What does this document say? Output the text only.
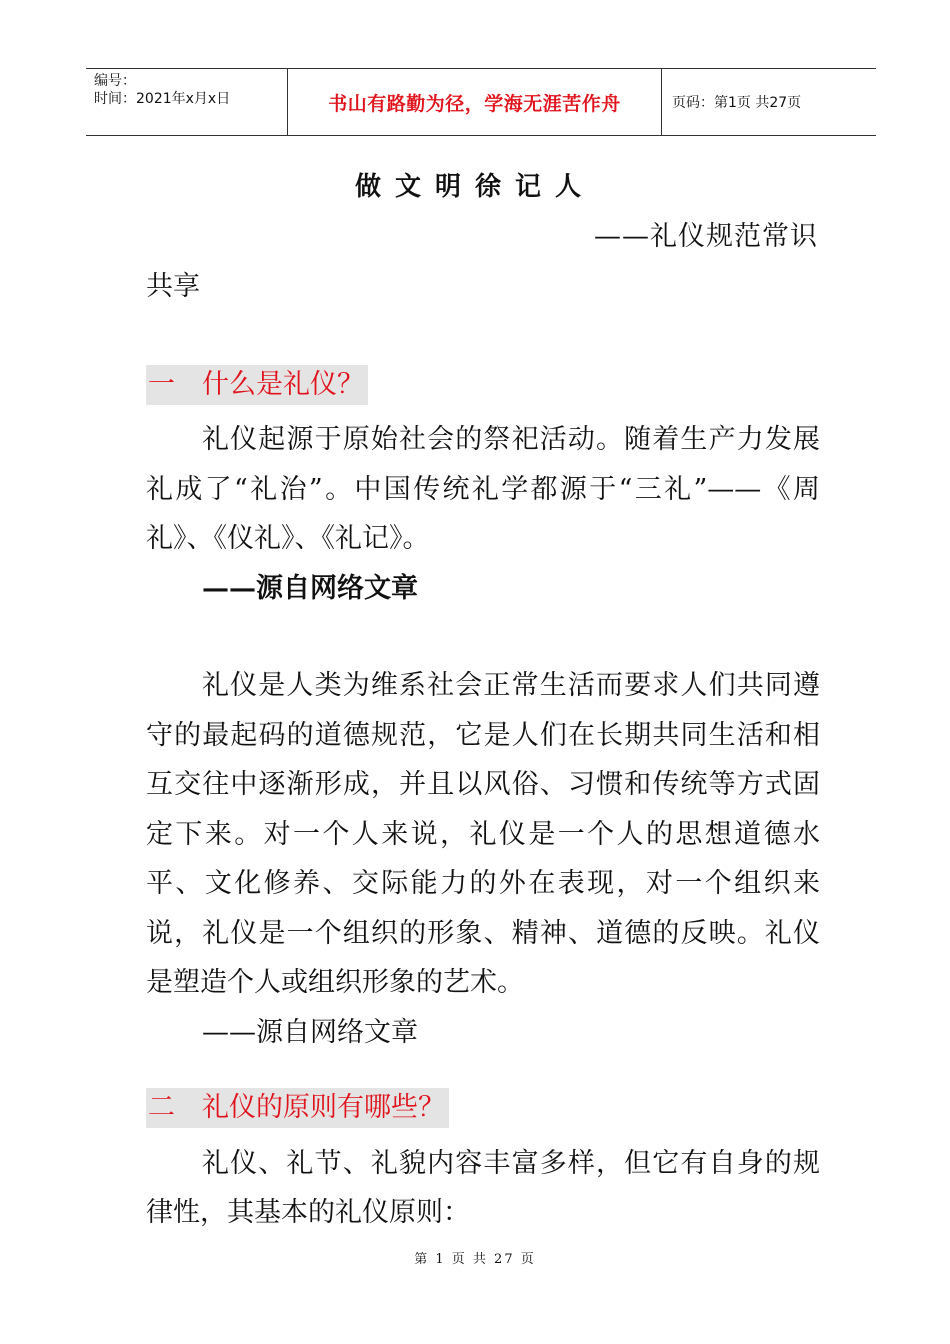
编号：
时间：2021年x月x日	书山有路勤为径，学海无涯苦作舟	页码：第1页 共27页
做文明徐记人
——礼仪规范常识

共享

一　什么是礼仪？

礼仪起源于原始社会的祭祀活动。随着生产力发展礼成了“礼治”。中国传统礼学都源于“三礼”——《周礼》、《仪礼》、《礼记》。

——源自网络文章

礼仪是人类为维系社会正常生活而要求人们共同遵守的最起码的道德规范，它是人们在长期共同生活和相互交往中逐渐形成，并且以风俗、习惯和传统等方式固定下来。对一个人来说，礼仪是一个人的思想道德水平、文化修养、交际能力的外在表现，对一个组织来说，礼仪是一个组织的形象、精神、道德的反映。礼仪是塑造个人或组织形象的艺术。

——源自网络文章

二　礼仪的原则有哪些？

礼仪、礼节、礼貌内容丰富多样，但它有自身的规律性，其基本的礼仪原则：

第 1 页 共 27 页
